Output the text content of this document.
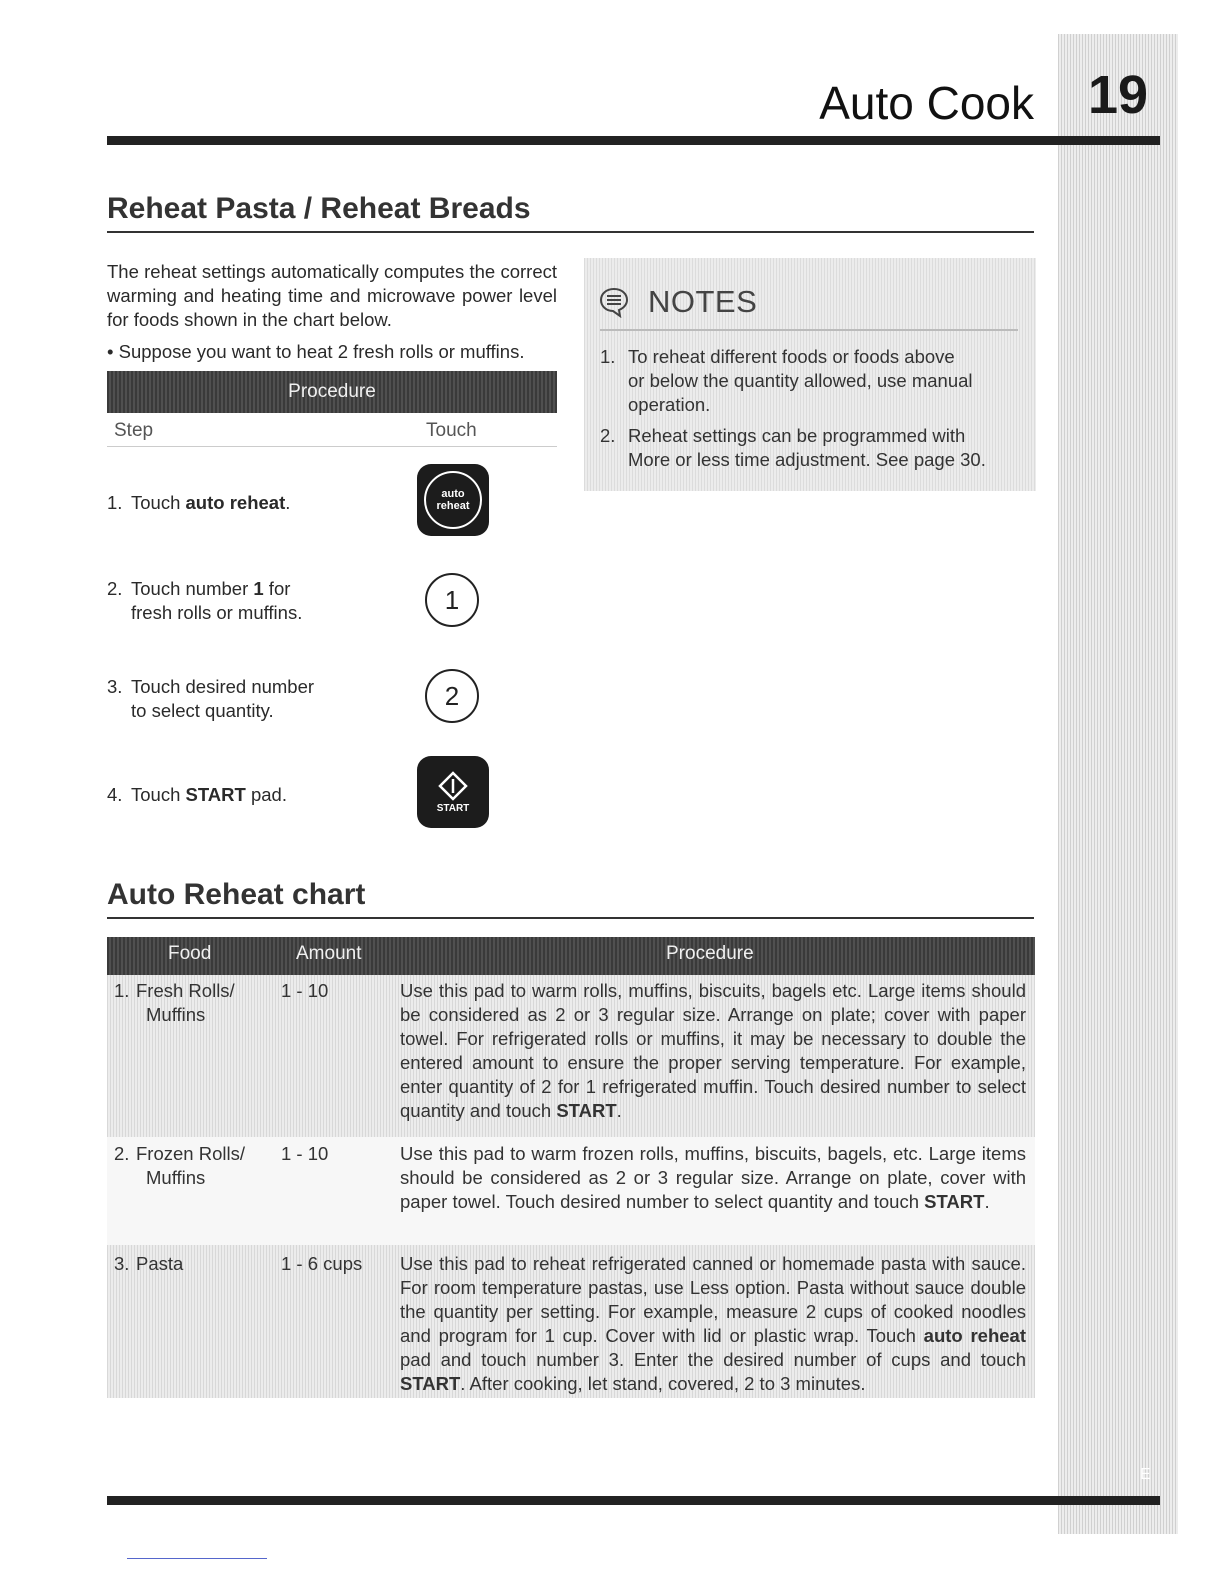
19
E
Auto Cook
Reheat Pasta / Reheat Breads
The reheat settings automatically computes the correct warming and heating time and microwave power level for foods shown in the chart below.
• Suppose you want to heat 2 fresh rolls or muffins.
Procedure
Step	Touch
1. Touch auto reheat.	auto
reheat
2. Touch number 1 for
fresh rolls or muffins.	1
3. Touch desired number
to select quantity.	2
4. Touch START pad.
START
NOTES
1. To reheat different foods or foods above
or below the quantity allowed, use manual operation.
2. Reheat settings can be programmed with
More or less time adjustment. See page 30.
Auto Reheat chart
Food	Amount	Procedure
1. Fresh Rolls/
Muffins
1 - 10	Use this pad to warm rolls, muffins, biscuits, bagels etc. Large items should be considered as 2 or 3 regular size. Arrange on plate; cover with paper towel. For refrigerated rolls or muffins, it may be necessary to double the entered amount to ensure the proper serving temperature. For example, enter quantity of 2 for 1 refrigerated muffin. Touch desired number to select quantity and touch START.
2. Frozen Rolls/
Muffins
1 - 10	Use this pad to warm frozen rolls, muffins, biscuits, bagels, etc. Large items should be considered as 2 or 3 regular size. Arrange on plate, cover with paper towel. Touch desired number to select quantity and touch START.
3. Pasta	1 - 6 cups Use this pad to reheat refrigerated canned or homemade pasta with sauce. For room temperature pastas, use Less option. Pasta without sauce double the quantity per setting. For example, measure 2 cups of cooked noodles and program for 1 cup. Cover with lid or plastic wrap. Touch auto reheat pad and touch number 3. Enter the desired number of cups and touch START. After cooking, let stand, covered, 2 to 3 minutes.
